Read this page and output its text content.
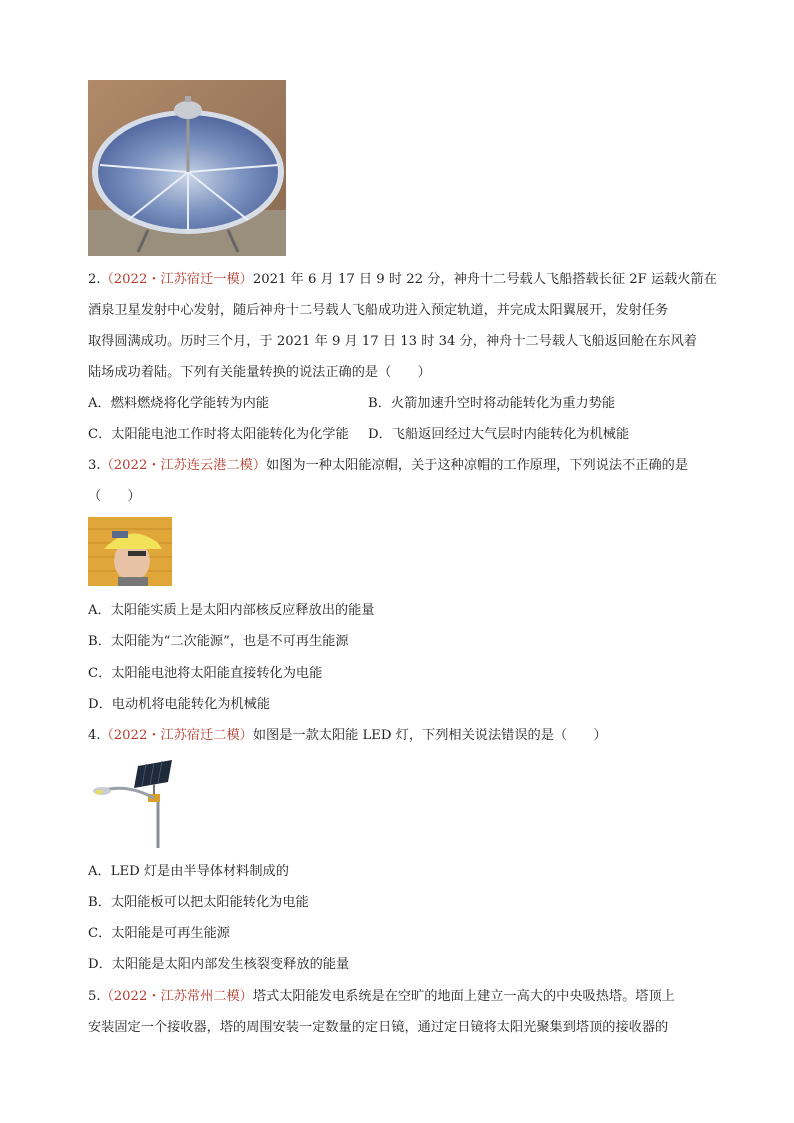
2.（2022・江苏宿迁一模）2021 年 6 月 17 日 9 时 22 分，神舟十二号载人飞船搭载长征 2F 运载火箭在
酒泉卫星发射中心发射，随后神舟十二号载人飞船成功进入预定轨道，并完成太阳翼展开，发射任务
取得圆满成功。历时三个月，于 2021 年 9 月 17 日 13 时 34 分，神舟十二号载人飞船返回舱在东风着
陆场成功着陆。下列有关能量转换的说法正确的是（　　）
A．燃料燃烧将化学能转为内能	B．火箭加速升空时将动能转化为重力势能
C．太阳能电池工作时将太阳能转化为化学能 D．飞船返回经过大气层时内能转化为机械能
3.（2022・江苏连云港二模）如图为一种太阳能凉帽，关于这种凉帽的工作原理，下列说法不正确的是
（　　）
A．太阳能实质上是太阳内部核反应释放出的能量
B．太阳能为“二次能源”，也是不可再生能源
C．太阳能电池将太阳能直接转化为电能
D．电动机将电能转化为机械能
4.（2022・江苏宿迁二模）如图是一款太阳能 LED 灯，下列相关说法错误的是（　　）
A．LED 灯是由半导体材料制成的
B．太阳能板可以把太阳能转化为电能
C．太阳能是可再生能源
D．太阳能是太阳内部发生核裂变释放的能量
5.（2022・江苏常州二模）塔式太阳能发电系统是在空旷的地面上建立一高大的中央吸热塔。塔顶上
安装固定一个接收器，塔的周围安装一定数量的定日镜，通过定日镜将太阳光聚集到塔顶的接收器的
